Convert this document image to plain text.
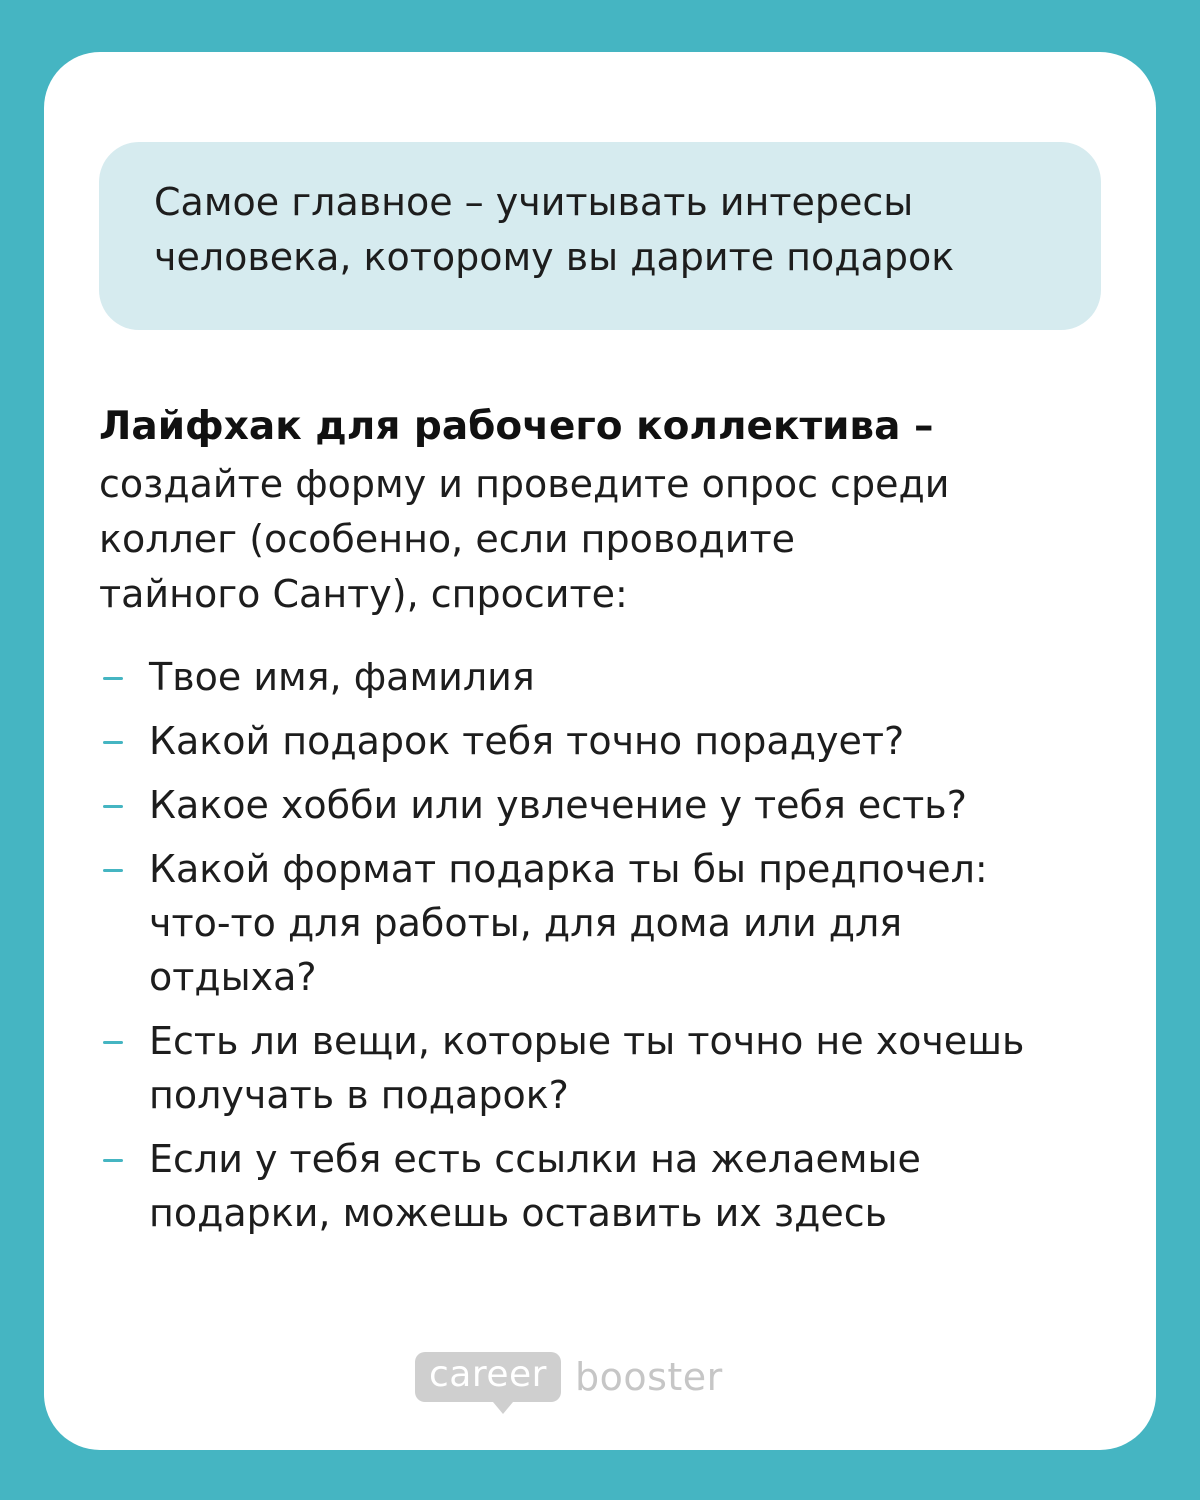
Самое главное – учитывать интересы

человека, которому вы дарите подарок

Лайфхак для рабочего коллектива –
создайте форму и проведите опрос среди
коллег (особенно, если проводите
тайного Санту), спросите:
Твое имя, фамилия
Какой подарок тебя точно порадует?
Какое хобби или увлечение у тебя есть?
Какой формат подарка ты бы предпочел:
что-то для работы, для дома или для
отдыха?
Есть ли вещи, которые ты точно не хочешь
получать в подарок?
Если у тебя есть ссылки на желаемые
подарки, можешь оставить их здесь
career booster
